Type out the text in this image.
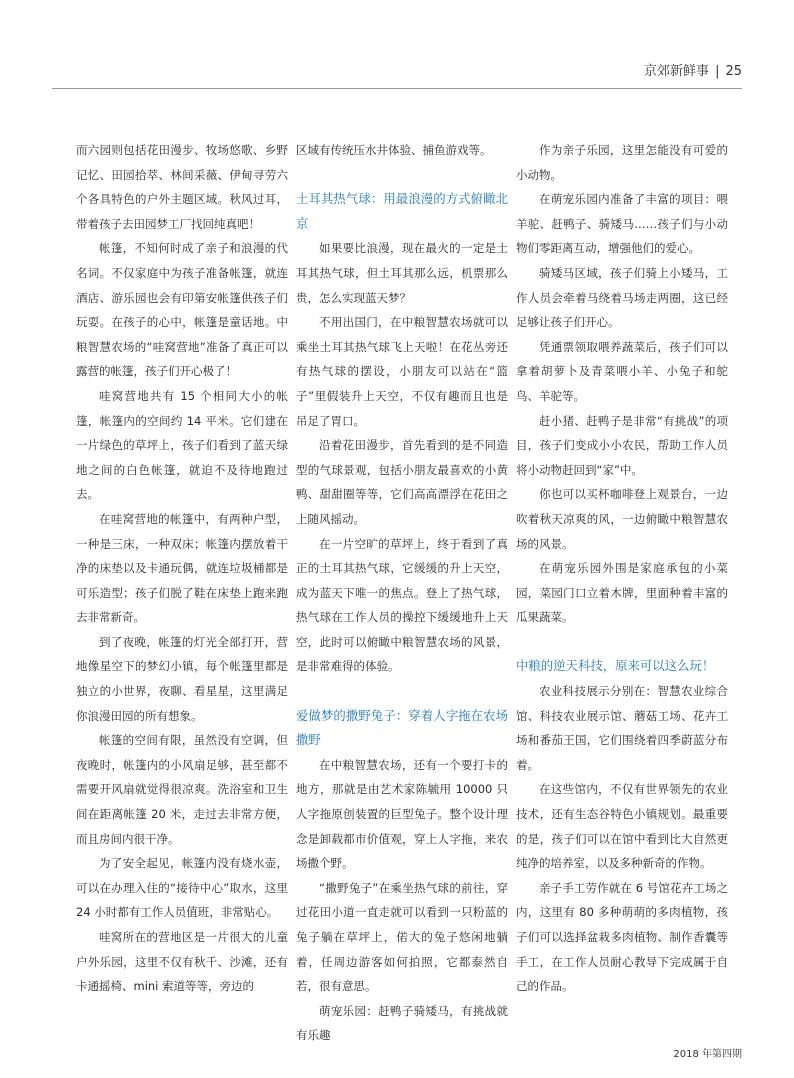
京郊新鲜事 | 25

而六园则包括花田漫步、牧场悠歌、乡野记忆、田园拾萃、林间采薇、伊甸寻劳六个各具特色的户外主题区域。秋风过耳，带着孩子去田园梦工厂找回纯真吧！

帐篷，不知何时成了亲子和浪漫的代名词。不仅家庭中为孩子准备帐篷，就连酒店、游乐园也会有印第安帐篷供孩子们玩耍。在孩子的心中，帐篷是童话地。中粮智慧农场的“哇窝营地”准备了真正可以露营的帐篷，孩子们开心极了！

哇窝营地共有 15 个相同大小的帐篷，帐篷内的空间约 14 平米。它们建在一片绿色的草坪上，孩子们看到了蓝天绿地之间的白色帐篷，就迫不及待地跑过去。

在哇窝营地的帐篷中，有两种户型，一种是三床，一种双床；帐篷内摆放着干净的床垫以及卡通玩偶，就连垃圾桶都是可乐造型；孩子们脱了鞋在床垫上跑来跑去非常新奇。

到了夜晚，帐篷的灯光全部打开，营地像星空下的梦幻小镇，每个帐篷里都是独立的小世界，夜聊、看星星，这里满足你浪漫田园的所有想象。

帐篷的空间有限，虽然没有空调，但夜晚时，帐篷内的小风扇足够，甚至都不需要开风扇就觉得很凉爽。洗浴室和卫生间在距离帐篷 20 米，走过去非常方便，而且房间内很干净。

为了安全起见，帐篷内没有烧水壶，可以在办理入住的“接待中心”取水，这里 24 小时都有工作人员值班，非常贴心。

哇窝所在的营地区是一片很大的儿童户外乐园，这里不仅有秋千、沙滩，还有卡通摇椅、mini 索道等等，旁边的

区域有传统压水井体验、捕鱼游戏等。

土耳其热气球：用最浪漫的方式俯瞰北京

如果要比浪漫，现在最火的一定是土耳其热气球，但土耳其那么远，机票那么贵，怎么实现蓝天梦？

不用出国门，在中粮智慧农场就可以乘坐土耳其热气球飞上天啦！在花丛旁还有热气球的摆设，小朋友可以站在“篮子”里假装升上天空，不仅有趣而且也是吊足了胃口。

沿着花田漫步，首先看到的是不同造型的气球景观，包括小朋友最喜欢的小黄鸭、甜甜圈等等，它们高高漂浮在花田之上随风摇动。

在一片空旷的草坪上，终于看到了真正的土耳其热气球，它缓缓的升上天空，成为蓝天下唯一的焦点。登上了热气球，热气球在工作人员的操控下缓缓地升上天空，此时可以俯瞰中粮智慧农场的风景，是非常难得的体验。

爱做梦的撒野兔子：穿着人字拖在农场撒野

在中粮智慧农场，还有一个要打卡的地方，那就是由艺术家陈毓用 10000 只人字拖原创装置的巨型兔子。整个设计理念是卸载都市价值观，穿上人字拖，来农场撒个野。

“撒野兔子”在乘坐热气球的前往，穿过花田小道一直走就可以看到一只粉蓝的兔子躺在草坪上，偌大的兔子悠闲地躺着，任周边游客如何拍照，它都泰然自若，很有意思。

萌宠乐园：赶鸭子骑矮马，有挑战就有乐趣

作为亲子乐园，这里怎能没有可爱的小动物。

在萌宠乐园内准备了丰富的项目：喂羊驼、赶鸭子、骑矮马……孩子们与小动物们零距离互动，增强他们的爱心。

骑矮马区域，孩子们骑上小矮马，工作人员会牵着马绕着马场走两圈，这已经足够让孩子们开心。

凭通票领取喂养蔬菜后，孩子们可以拿着胡萝卜及青菜喂小羊、小兔子和鸵鸟、羊驼等。

赶小猪、赶鸭子是非常“有挑战”的项目，孩子们变成小小农民，帮助工作人员将小动物赶回到“家”中。

你也可以买杯咖啡登上观景台，一边吹着秋天凉爽的风，一边俯瞰中粮智慧农场的风景。

在萌宠乐园外围是家庭承包的小菜园，菜园门口立着木牌，里面种着丰富的瓜果蔬菜。

中粮的逆天科技，原来可以这么玩！

农业科技展示分别在：智慧农业综合馆、科技农业展示馆、蘑菇工场、花卉工场和番茄王国，它们围绕着四季蔚蓝分布着。

在这些馆内，不仅有世界领先的农业技术，还有生态谷特色小镇规划。最重要的是，孩子们可以在馆中看到比大自然更纯净的培养室，以及多种新奇的作物。

亲子手工劳作就在 6 号馆花卉工场之内，这里有 80 多种萌萌的多肉植物，孩子们可以选择盆栽多肉植物、制作香囊等手工，在工作人员耐心教导下完成属于自己的作品。

2018 年第四期
